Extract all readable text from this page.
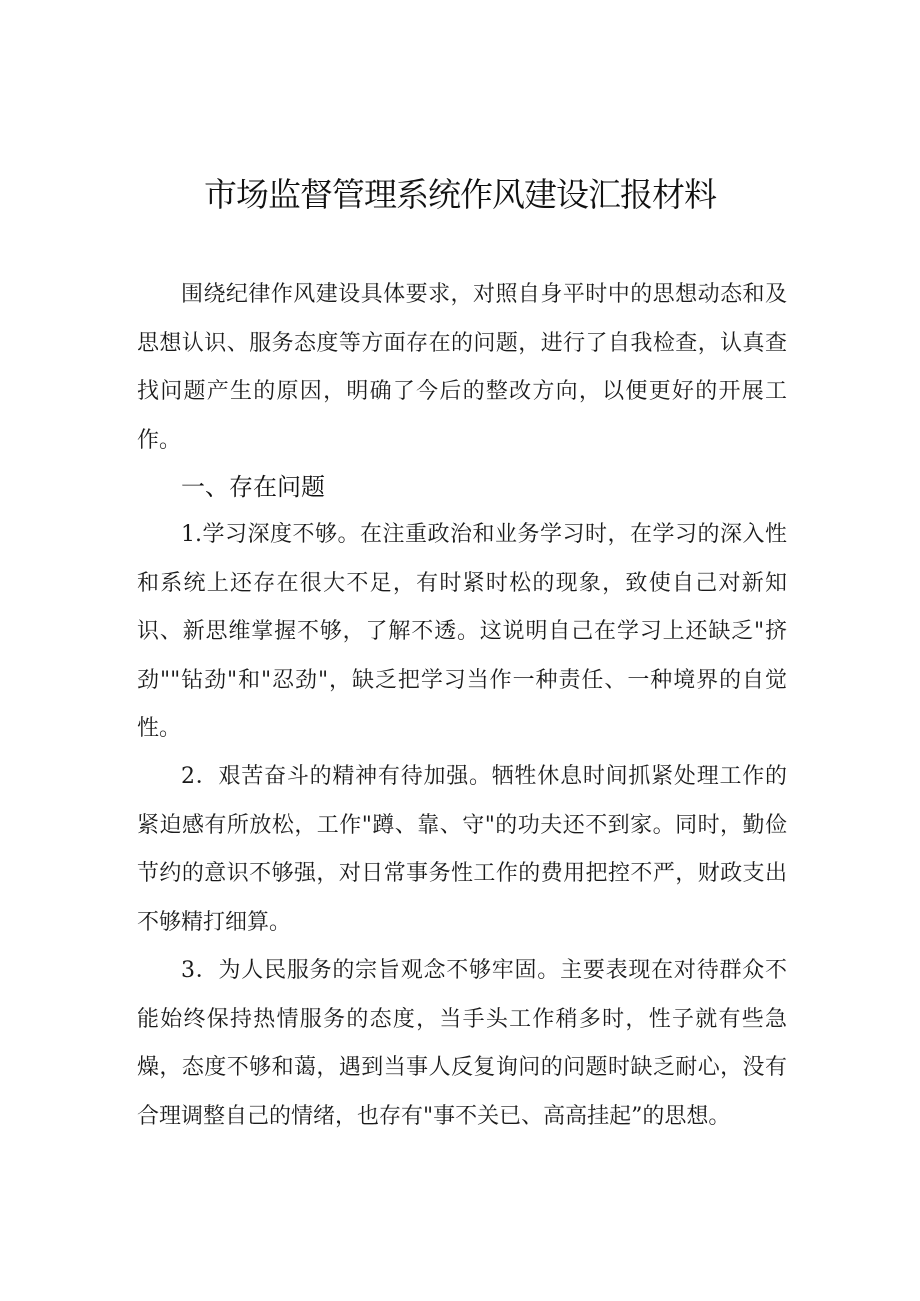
市场监督管理系统作风建设汇报材料

围绕纪律作风建设具体要求，对照自身平时中的思想动态和及思想认识、服务态度等方面存在的问题，进行了自我检查，认真查找问题产生的原因，明确了今后的整改方向，以便更好的开展工作。

一、存在问题

1.学习深度不够。在注重政治和业务学习时，在学习的深入性和系统上还存在很大不足，有时紧时松的现象，致使自己对新知识、新思维掌握不够，了解不透。这说明自己在学习上还缺乏"挤劲""钻劲"和"忍劲"，缺乏把学习当作一种责任、一种境界的自觉性。

2．艰苦奋斗的精神有待加强。牺牲休息时间抓紧处理工作的紧迫感有所放松，工作"蹲、靠、守"的功夫还不到家。同时，勤俭节约的意识不够强，对日常事务性工作的费用把控不严，财政支出不够精打细算。

3．为人民服务的宗旨观念不够牢固。主要表现在对待群众不能始终保持热情服务的态度，当手头工作稍多时，性子就有些急燥，态度不够和蔼，遇到当事人反复询问的问题时缺乏耐心，没有合理调整自己的情绪，也存有"事不关已、高高挂起”的思想。
